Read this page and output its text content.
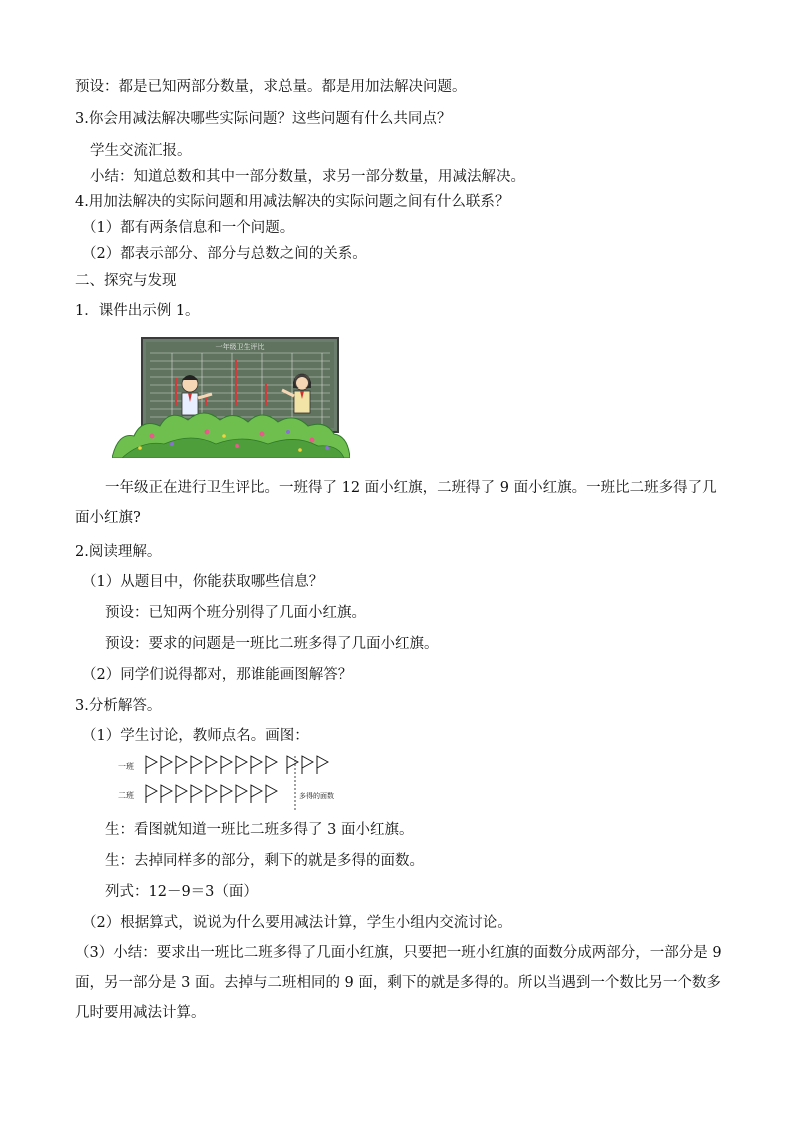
预设：都是已知两部分数量，求总量。都是用加法解决问题。
3.你会用减法解决哪些实际问题？这些问题有什么共同点？
学生交流汇报。
小结：知道总数和其中一部分数量，求另一部分数量，用减法解决。
4.用加法解决的实际问题和用减法解决的实际问题之间有什么联系？
（1）都有两条信息和一个问题。
（2）都表示部分、部分与总数之间的关系。
二、探究与发现
1．课件出示例 1。
一年级卫生评比
一年级正在进行卫生评比。一班得了 12 面小红旗，二班得了 9 面小红旗。一班比二班多得了几面小红旗?
2.阅读理解。
（1）从题目中，你能获取哪些信息？
预设：已知两个班分别得了几面小红旗。
预设：要求的问题是一班比二班多得了几面小红旗。
（2）同学们说得都对，那谁能画图解答？
3.分析解答。
（1）学生讨论，教师点名。画图：
一班
二班	多得的面数
生：看图就知道一班比二班多得了 3 面小红旗。
生：去掉同样多的部分，剩下的就是多得的面数。
列式：12－9＝3（面）
（2）根据算式，说说为什么要用减法计算，学生小组内交流讨论。
（3）小结：要求出一班比二班多得了几面小红旗，只要把一班小红旗的面数分成两部分，一部分是 9 面，另一部分是 3 面。去掉与二班相同的 9 面，剩下的就是多得的。所以当遇到一个数比另一个数多几时要用减法计算。
